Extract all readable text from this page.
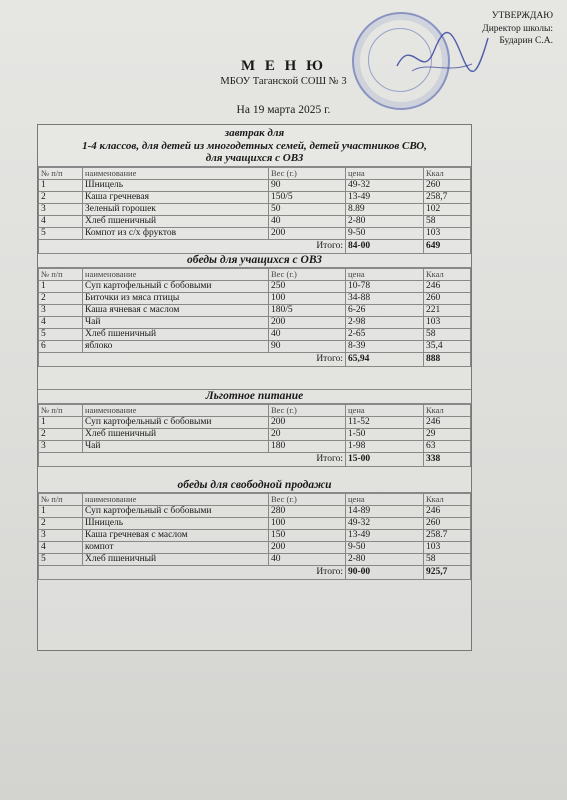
УТВЕРЖДАЮ
Директор школы:
Бударин С.А.
М Е Н Ю
МБОУ Таганской СОШ № 3
На 19 марта 2025 г.
завтрак для
1-4 классов, для детей из многодетных семей, детей участников СВО,
для учащихся с ОВЗ
№ п/п	наименование	Вес (г.)	цена	Ккал
1	Шницель	90	49-32	260
2	Каша гречневая	150/5	13-49	258,7
3	Зеленый горошек	50	8.89	102
4	Хлеб пшеничный	40	2-80	58
5	Компот из с/х фруктов	200	9-50	103
Итого:			84-00	649
обеды для учащихся с ОВЗ
№ п/п	наименование	Вес (г.)	цена	Ккал
1	Суп картофельный с бобовыми	250	10-78	246
2	Биточки из мяса птицы	100	34-88	260
3	Каша ячневая с маслом	180/5	6-26	221
4	Чай	200	2-98	103
5	Хлеб пшеничный	40	2-65	58
6	яблоко	90	8-39	35,4
Итого:			65,94	888
Льготное питание
№ п/п	наименование	Вес (г.)	цена	Ккал
1	Суп картофельный с бобовыми	200	11-52	246
2	Хлеб пшеничный	20	1-50	29
3	Чай	180	1-98	63
Итого:			15-00	338
обеды для свободной продажи
№ п/п	наименование	Вес (г.)	цена	Ккал
1	Суп картофельный с бобовыми	280	14-89	246
2	Шницель	100	49-32	260
3	Каша гречневая с маслом	150	13-49	258.7
4	компот	200	9-50	103
5	Хлеб пшеничный	40	2-80	58
Итого:			90-00	925,7
